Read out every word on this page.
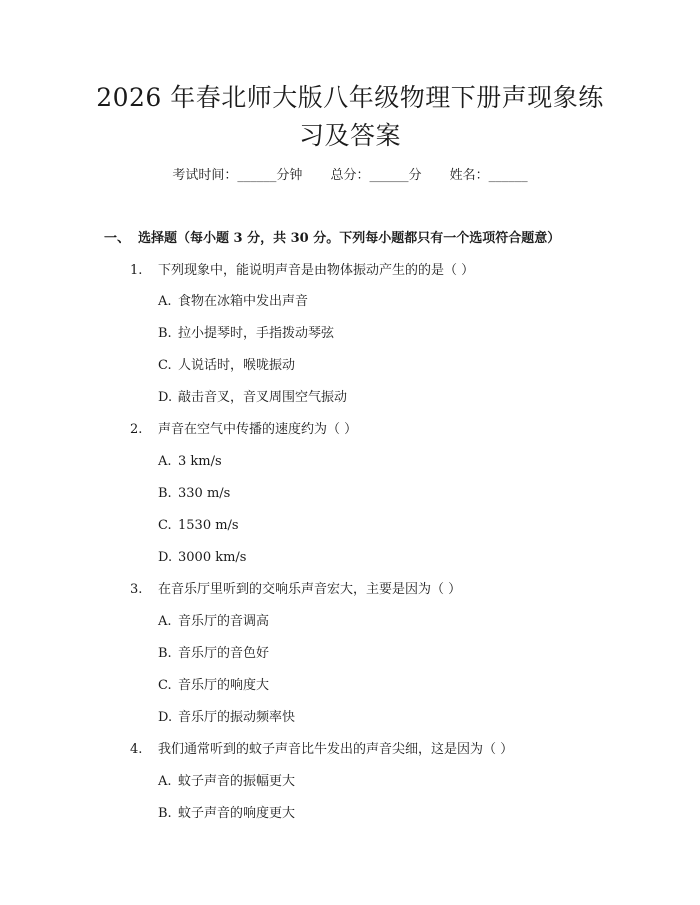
2026 年春北师大版八年级物理下册声现象练
习及答案
考试时间：______分钟 总分：______分 姓名：______
一、 选择题（每小题 3 分，共 30 分。下列每小题都只有一个选项符合题意）
1. 下列现象中，能说明声音是由物体振动产生的的是（ ）
A. 食物在冰箱中发出声音
B. 拉小提琴时，手指拨动琴弦
C. 人说话时，喉咙振动
D. 敲击音叉，音叉周围空气振动
2. 声音在空气中传播的速度约为（ ）
A. 3 km/s
B. 330 m/s
C. 1530 m/s
D. 3000 km/s
3. 在音乐厅里听到的交响乐声音宏大，主要是因为（ ）
A. 音乐厅的音调高
B. 音乐厅的音色好
C. 音乐厅的响度大
D. 音乐厅的振动频率快
4. 我们通常听到的蚊子声音比牛发出的声音尖细，这是因为（ ）
A. 蚊子声音的振幅更大
B. 蚊子声音的响度更大
